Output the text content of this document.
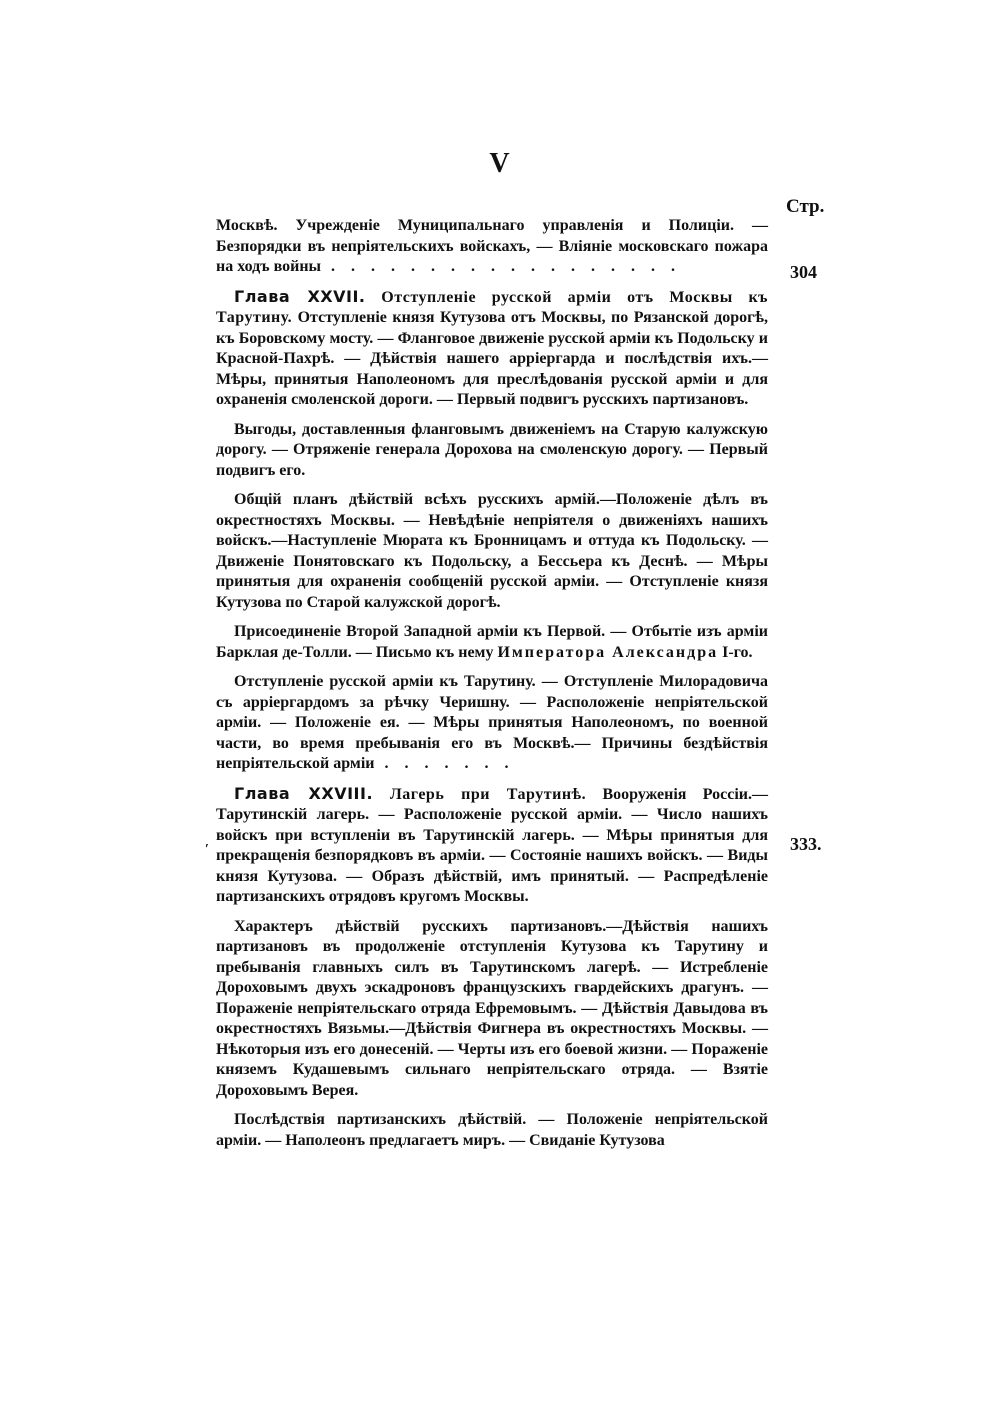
V
Стр.
304
333.
′

Москвѣ. Учрежденіе Муниципальнаго управленія и Полиціи. — Безпорядки въ непріятельскихъ войскахъ, — Вліяніе московскаго пожара на ходъ войны . . . . . . . . . . . . . . . . . .

Глава XXVII. Отступленіе русской арміи отъ Москвы къ Тарутину. Отступленіе князя Кутузова отъ Москвы, по Рязанской дорогѣ, къ Боровскому мосту. — Фланговое движеніе русской арміи къ Подольску и Красной-Пахрѣ. — Дѣйствія нашего арріергарда и послѣдствія ихъ.—Мѣры, принятыя Наполеономъ для преслѣдованія русской арміи и для охраненія смоленской дороги. — Первый подвигъ русскихъ партизановъ.

Выгоды, доставленныя фланговымъ движеніемъ на Старую калужскую дорогу. — Отряженіе генерала Дорохова на смоленскую дорогу. — Первый подвигъ его.

Общій планъ дѣйствій всѣхъ русскихъ армій.—Положеніе дѣлъ въ окрестностяхъ Москвы. — Невѣдѣніе непріятеля о движеніяхъ нашихъ войскъ.—Наступленіе Мюрата къ Бронницамъ и оттуда къ Подольску. — Движеніе Понятовскаго къ Подольску, а Бессьера къ Деснѣ. — Мѣры принятыя для охраненія сообщеній русской арміи. — Отступленіе князя Кутузова по Старой калужской дорогѣ.

Присоединеніе Второй Западной арміи къ Первой. — Отбытіе изъ арміи Барклая де-Толли. — Письмо къ нему Императора Александра I-го.

Отступленіе русской арміи къ Тарутину. — Отступленіе Милорадовича съ арріергардомъ за рѣчку Черишну. — Расположеніе непріятельской арміи. — Положеніе ея. — Мѣры принятыя Наполеономъ, по военной части, во время пребыванія его въ Москвѣ.— Причины бездѣйствія непріятельской арміи . . . . . . .

Глава XXVIII. Лагерь при Тарутинѣ. Вооруженія Россіи.— Тарутинскій лагерь. — Расположеніе русской арміи. — Число нашихъ войскъ при вступленіи въ Тарутинскій лагерь. — Мѣры принятыя для прекращенія безпорядковъ въ арміи. — Состояніе нашихъ войскъ. — Виды князя Кутузова. — Образъ дѣйствій, имъ принятый. — Распредѣленіе партизанскихъ отрядовъ кругомъ Москвы.

Характеръ дѣйствій русскихъ партизановъ.—Дѣйствія нашихъ партизановъ въ продолженіе отступленія Кутузова къ Тарутину и пребыванія главныхъ силъ въ Тарутинскомъ лагерѣ. — Истребленіе Дороховымъ двухъ эскадроновъ французскихъ гвардейскихъ драгунъ. — Пораженіе непріятельскаго отряда Ефремовымъ. — Дѣйствія Давыдова въ окрестностяхъ Вязьмы.—Дѣйствія Фигнера въ окрестностяхъ Москвы. — Нѣкоторыя изъ его донесеній. — Черты изъ его боевой жизни. — Пораженіе княземъ Кудашевымъ сильнаго непріятельскаго отряда. — Взятіе Дороховымъ Верея.

Послѣдствія партизанскихъ дѣйствій. — Положеніе непріятельской арміи. — Наполеонъ предлагаетъ миръ. — Свиданіе Кутузова
